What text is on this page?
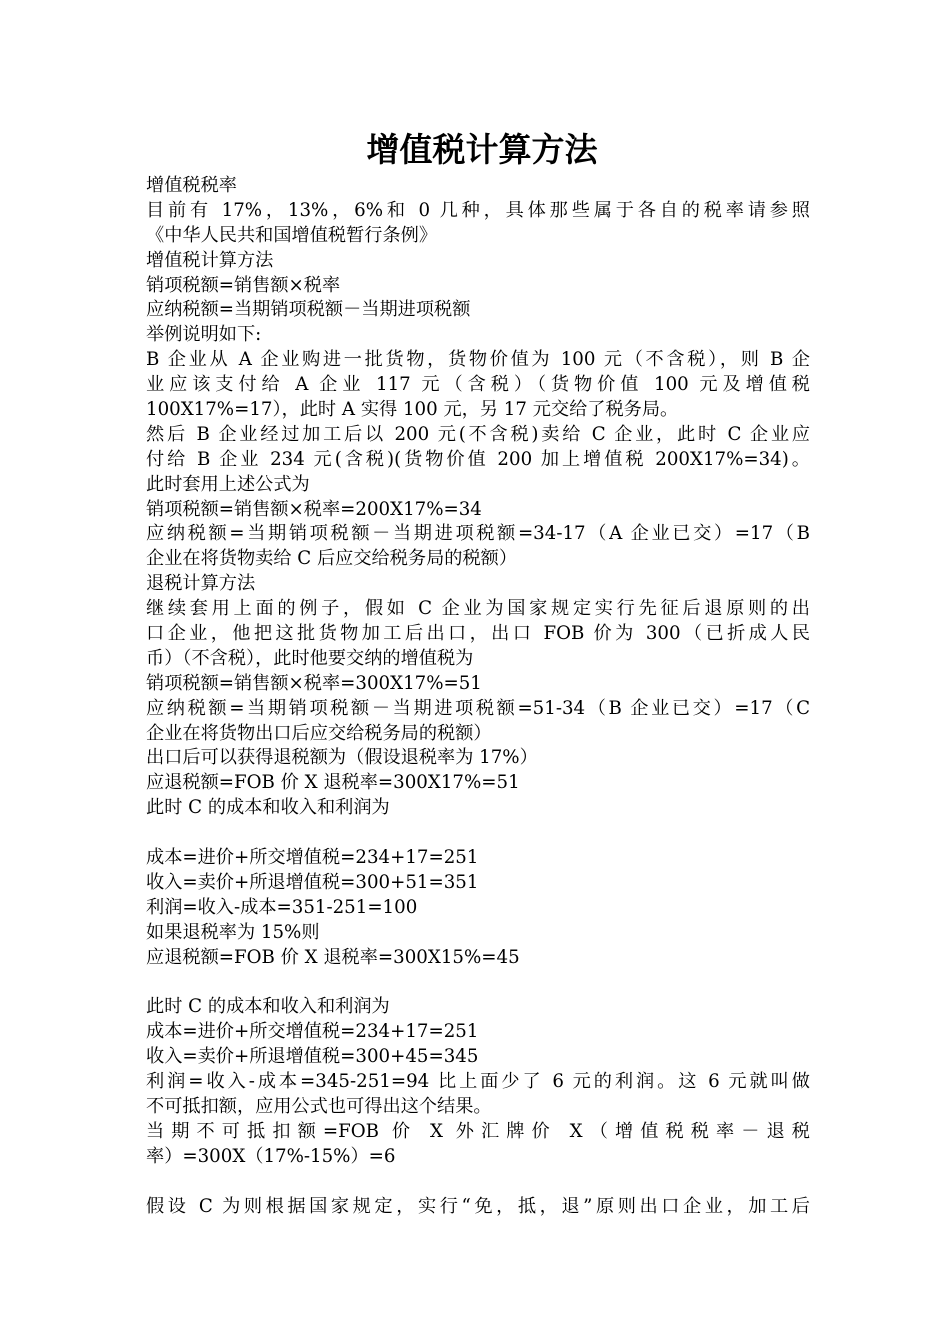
增值税计算方法
增值税税率
目前有 17%，13%，6%和 0 几种，具体那些属于各自的税率请参照
《中华人民共和国增值税暂行条例》
增值税计算方法
销项税额=销售额×税率
应纳税额=当期销项税额－当期进项税额
举例说明如下:
B 企业从 A 企业购进一批货物，货物价值为 100 元（不含税），则 B 企
业应该支付给 A 企业 117 元（含税）（货物价值 100 元及增值税
100X17%=17），此时 A 实得 100 元，另 17 元交给了税务局。
然后 B 企业经过加工后以 200 元(不含税)卖给 C 企业，此时 C 企业应
付给 B 企业 234 元(含税)(货物价值 200 加上增值税 200X17%=34)。
此时套用上述公式为
销项税额=销售额×税率=200X17%=34
应纳税额=当期销项税额－当期进项税额=34-17（A 企业已交）=17（B
企业在将货物卖给 C 后应交给税务局的税额）
退税计算方法
继续套用上面的例子，假如 C 企业为国家规定实行先征后退原则的出
口企业，他把这批货物加工后出口，出口 FOB 价为 300（已折成人民
币）（不含税），此时他要交纳的增值税为
销项税额=销售额×税率=300X17%=51
应纳税额=当期销项税额－当期进项税额=51-34（B 企业已交）=17（C
企业在将货物出口后应交给税务局的税额）
出口后可以获得退税额为（假设退税率为 17%）
应退税额=FOB 价 X 退税率=300X17%=51
此时 C 的成本和收入和利润为
成本=进价+所交增值税=234+17=251
收入=卖价+所退增值税=300+51=351
利润=收入-成本=351-251=100
如果退税率为 15%则
应退税额=FOB 价 X 退税率=300X15%=45
此时 C 的成本和收入和利润为
成本=进价+所交增值税=234+17=251
收入=卖价+所退增值税=300+45=345
利润=收入-成本=345-251=94 比上面少了 6 元的利润。这 6 元就叫做
不可抵扣额，应用公式也可得出这个结果。
当期不可抵扣额=FOB 价 X 外汇牌价 X（增值税税率－退税
率）=300X（17%-15%）=6
假设 C 为则根据国家规定，实行“免，抵，退”原则出口企业，加工后
